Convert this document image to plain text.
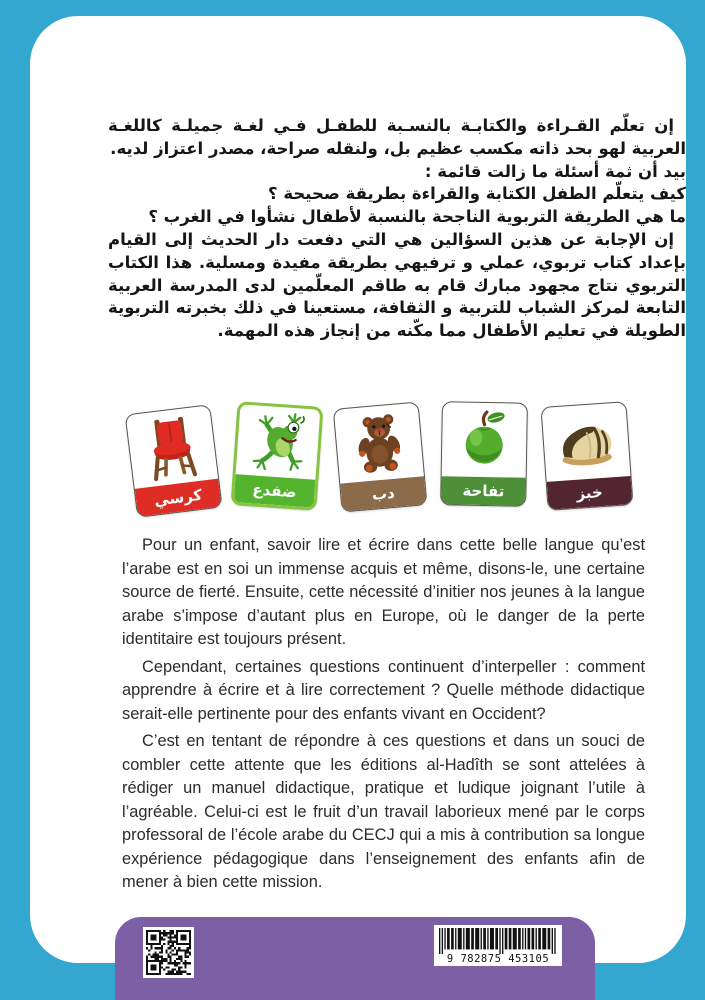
إن تعلّم القـراءة والكتابـة بالنسـبة للطفـل فـي لغـة جميلـة كاللغـة العربية لهو بحد ذاته مكسب عظيم بل، ولنقله صراحة، مصدر اعتزاز لديه.

بيد أن ثمة أسئلة ما زالت قائمة :

كيف يتعلّم الطفل الكتابة والقراءة بطريقة صحيحة ؟

ما هي الطريقة التربوية الناجحة بالنسبة لأطفال نشأوا في الغرب ؟

إن الإجابة عن هذين السؤالين هي التي دفعت دار الحديث إلى القيام بإعداد كتاب تربوي، عملي و ترفيهي بطريقة مفيدة ومسلية. هذا الكتاب التربوي نتاج مجهود مبارك قام به طاقم المعلّمين لدى المدرسة العربية التابعة لمركز الشباب للتربية و الثقافة، مستعينا في ذلك بخبرته التربوية الطويلة في تعليم الأطفال مما مكّنه من إنجاز هذه المهمة.

كرسي	ضفدع	دب	تفاحة	خبز

Pour un enfant, savoir lire et écrire dans cette belle langue qu’est l’arabe est en soi un immense acquis et même, disons-le, une certaine source de fierté. Ensuite, cette nécessité d’initier nos jeunes à la langue arabe s’impose d’autant plus en Europe, où le danger de la perte identitaire est toujours présent.

Cependant, certaines questions continuent d’interpeller : comment apprendre à écrire et à lire correctement ? Quelle méthode didactique serait-elle pertinente pour des enfants vivant en Occident?

C’est en tentant de répondre à ces questions et dans un souci de combler cette attente que les éditions al-Hadîth se sont attelées à rédiger un manuel didactique, pratique et ludique joignant l’utile à l’agréable. Celui-ci est le fruit d’un travail laborieux mené par le corps professoral de l’école arabe du CECJ qui a mis à contribution sa longue expérience pédagogique dans l’enseignement des enfants afin de mener à bien cette mission.

9 782875 453105
